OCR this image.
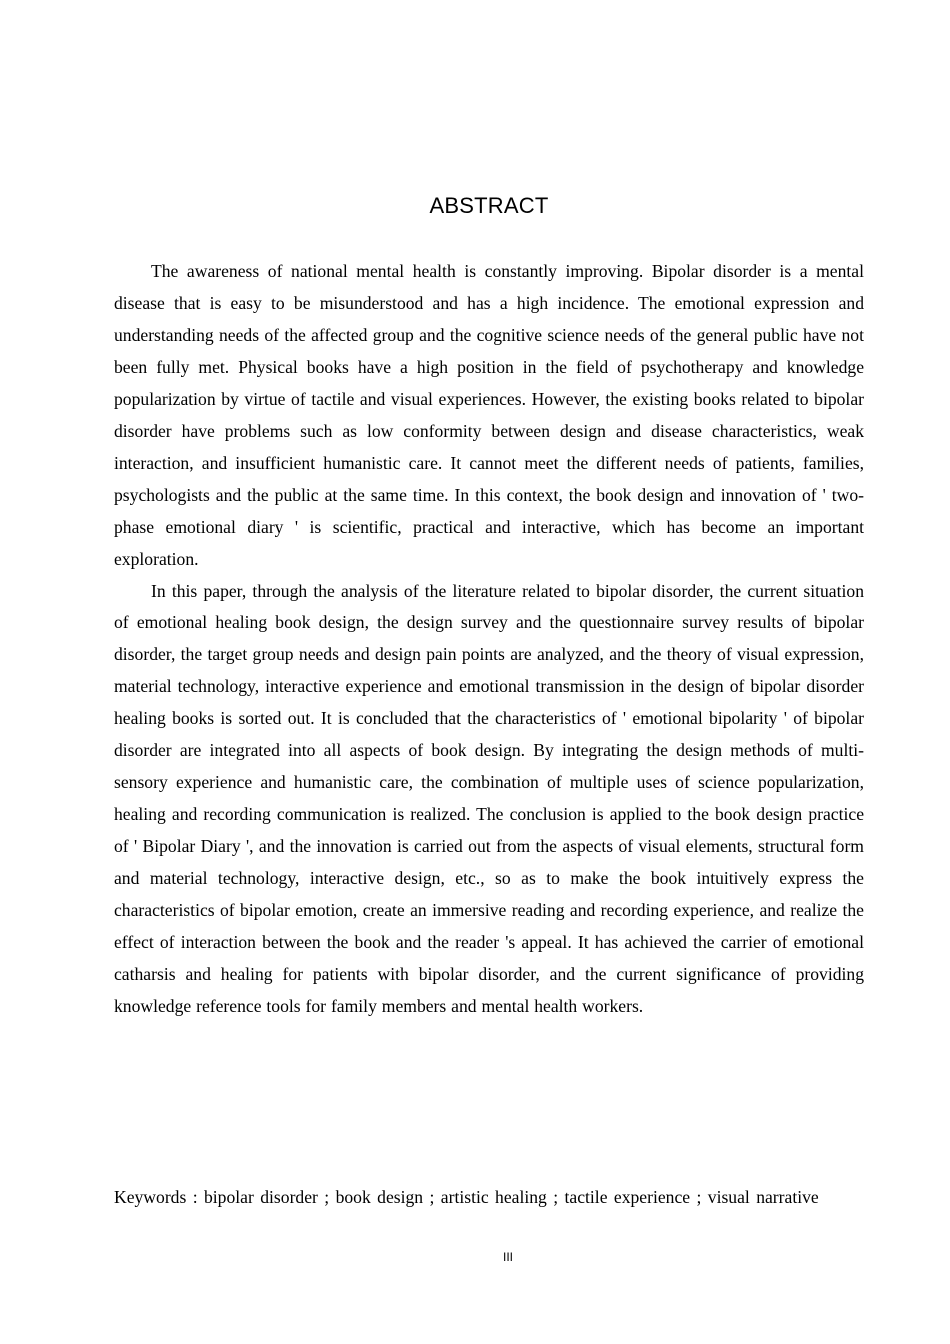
ABSTRACT

The awareness of national mental health is constantly improving. Bipolar disorder is a mental disease that is easy to be misunderstood and has a high incidence. The emotional expression and understanding needs of the affected group and the cognitive science needs of the general public have not been fully met. Physical books have a high position in the field of psychotherapy and knowledge popularization by virtue of tactile and visual experiences. However, the existing books related to bipolar disorder have problems such as low conformity between design and disease characteristics, weak interaction, and insufficient humanistic care. It cannot meet the different needs of patients, families, psychologists and the public at the same time. In this context, the book design and innovation of ' two-phase emotional diary ' is scientific, practical and interactive, which has become an important exploration.

In this paper, through the analysis of the literature related to bipolar disorder, the current situation of emotional healing book design, the design survey and the questionnaire survey results of bipolar disorder, the target group needs and design pain points are analyzed, and the theory of visual expression, material technology, interactive experience and emotional transmission in the design of bipolar disorder healing books is sorted out. It is concluded that the characteristics of ' emotional bipolarity ' of bipolar disorder are integrated into all aspects of book design. By integrating the design methods of multi-sensory experience and humanistic care, the combination of multiple uses of science popularization, healing and recording communication is realized. The conclusion is applied to the book design practice of ' Bipolar Diary ', and the innovation is carried out from the aspects of visual elements, structural form and material technology, interactive design, etc., so as to make the book intuitively express the characteristics of bipolar emotion, create an immersive reading and recording experience, and realize the effect of interaction between the book and the reader 's appeal. It has achieved the carrier of emotional catharsis and healing for patients with bipolar disorder, and the current significance of providing knowledge reference tools for family members and mental health workers.

Keywords : bipolar disorder ; book design ; artistic healing ; tactile experience ; visual narrative

III
